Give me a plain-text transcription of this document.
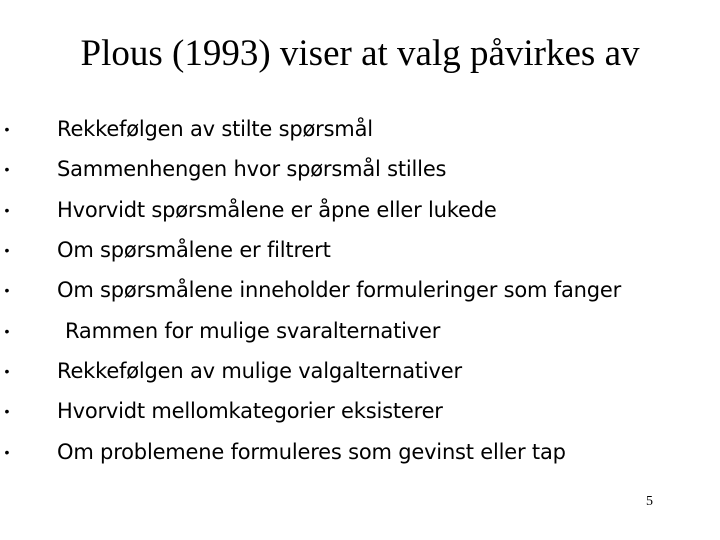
Plous (1993) viser at valg påvirkes av
• Rekkefølgen av stilte spørsmål
• Sammenhengen hvor spørsmål stilles
• Hvorvidt spørsmålene er åpne eller lukede
• Om spørsmålene er filtrert
• Om spørsmålene inneholder formuleringer som fanger
•	Rammen for mulige svaralternativer
• Rekkefølgen av mulige valgalternativer
• Hvorvidt mellomkategorier eksisterer
• Om problemene formuleres som gevinst eller tap
5
